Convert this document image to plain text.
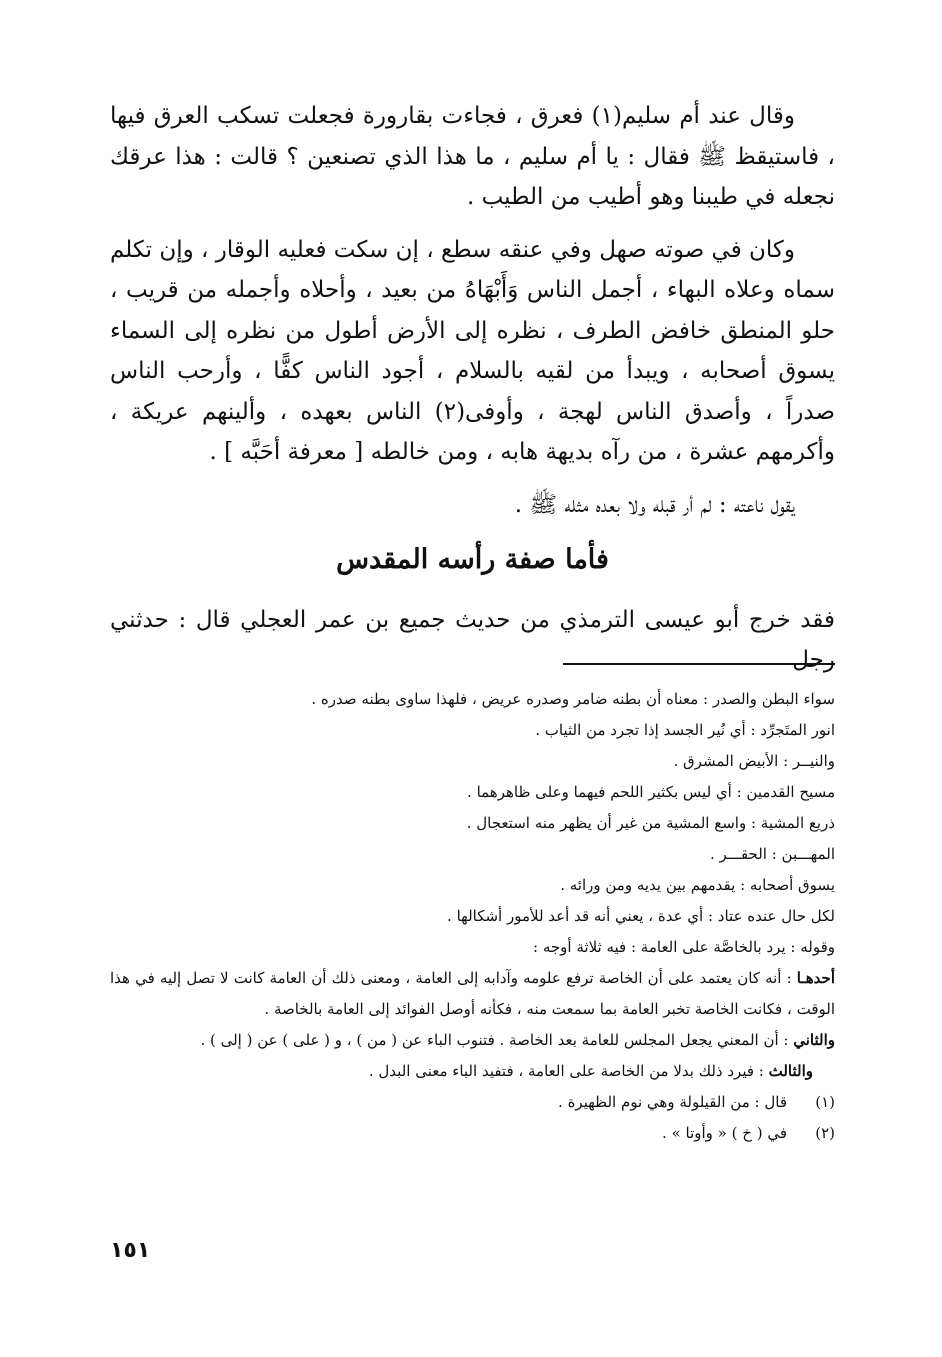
وقال عند أم سليم(١) فعرق ، فجاءت بقارورة فجعلت تسكب العرق فيها ، فاستيقظ ﷺ فقال : يا أم سليم ، ما هذا الذي تصنعين ؟ قالت : هذا عرقك نجعله في طيبنا وهو أطيب من الطيب .

وكان في صوته صهل وفي عنقه سطع ، إن سكت فعليه الوقار ، وإن تكلم سماه وعلاه البهاء ، أجمل الناس وَأَبْهَاهُ من بعيد ، وأحلاه وأجمله من قريب ، حلو المنطق خافض الطرف ، نظره إلى الأرض أطول من نظره إلى السماء يسوق أصحابه ، ويبدأ من لقيه بالسلام ، أجود الناس كفًّا ، وأرحب الناس صدراً ، وأصدق الناس لهجة ، وأوفى(٢) الناس بعهده ، وألينهم عريكة ، وأكرمهم عشرة ، من رآه بديهة هابه ، ومن خالطه [ معرفة أحَبَّه ] .

يقول ناعته : لم أر قبله ولا بعده مثله ﷺ .

فأما صفة رأسه المقدس
فقد خرج أبو عيسى الترمذي من حديث جميع بن عمر العجلي قال : حدثني رجل

سواء البطن والصدر : معناه أن بطنه ضامر وصدره عريض ، فلهذا ساوى بطنه صدره .

انور المتَجرِّد : أي نُير الجسد إذا تجرد من الثياب .

والنيــر : الأبيض المشرق .

مسيح القدمين : أي ليس بكثير اللحم فيهما وعلى ظاهرهما .

ذريع المشية : واسع المشية من غير أن يظهر منه استعجال .

المهـــبن : الحقـــر .

يسوق أصحابه : يقدمهم بين يديه ومن ورائه .

لكل حال عنده عتاد : أي عدة ، يعني أنه قد أعد للأمور أشكالها .

وقوله : يرد بالخاصَّة على العامة : فيه ثلاثة أوجه :

أحدهـا : أنه كان يعتمد على أن الخاصة ترفع علومه وآدابه إلى العامة ، ومعنى ذلك أن العامة كانت لا تصل إليه في هذا الوقت ، فكانت الخاصة تخبر العامة بما سمعت منه ، فكأنه أوصل الفوائد إلى العامة بالخاصة .

والثاني : أن المعني يجعل المجلس للعامة بعد الخاصة . فتنوب الباء عن ( من ) ، و ( على ) عن ( إلى ) .

والثالث : فيرد ذلك بدلا من الخاصة على العامة ، فتفيد الباء معنى البدل .

(١)
قال : من القيلولة وهي نوم الظهيرة .
(٢)
في ( خ ) « وأوتا » .
١٥١
